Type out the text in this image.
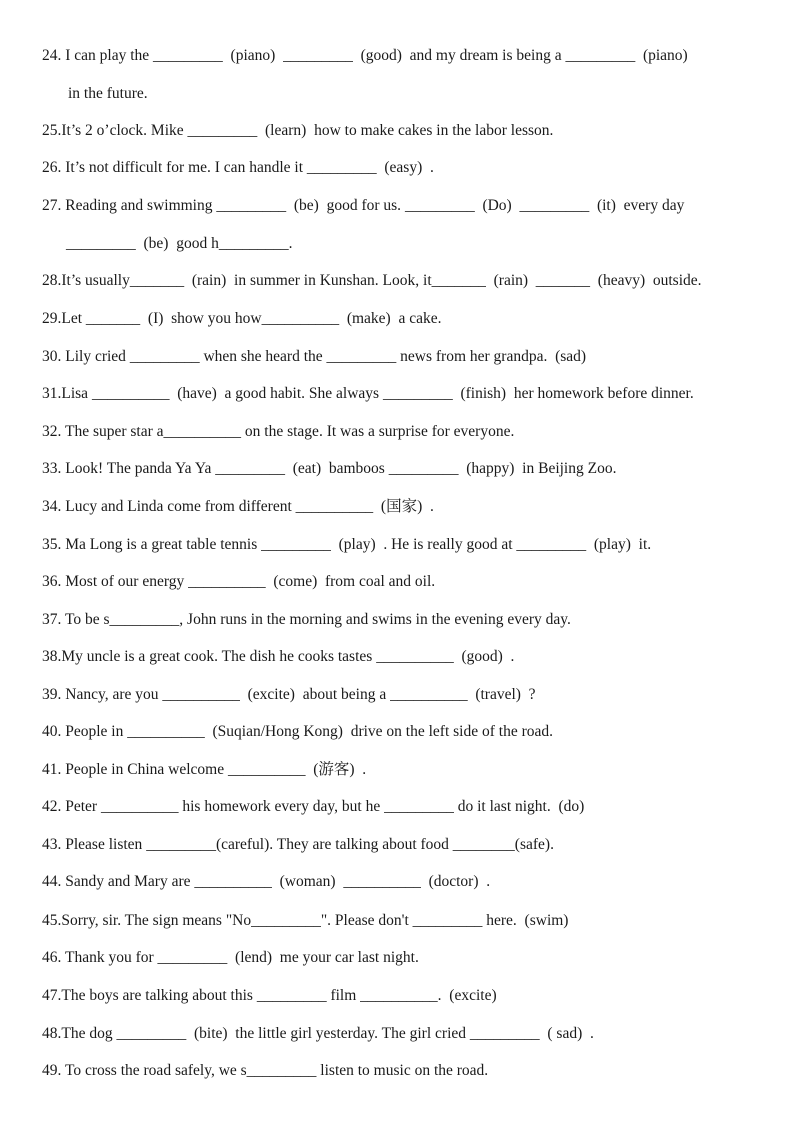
24. I can play the _________  (piano)  _________  (good)  and my dream is being a _________  (piano)
in the future.
25.It’s 2 o’clock. Mike _________  (learn)  how to make cakes in the labor lesson.
26. It’s not difficult for me. I can handle it _________  (easy)  .
27. Reading and swimming _________  (be)  good for us. _________  (Do)  _________  (it)  every day
_________  (be)  good h_________.
28.It’s usually_______  (rain)  in summer in Kunshan. Look, it_______  (rain)  _______  (heavy)  outside.
29.Let _______  (I)  show you how__________  (make)  a cake.
30. Lily cried _________ when she heard the _________ news from her grandpa.  (sad)
31.Lisa __________  (have)  a good habit. She always _________  (finish)  her homework before dinner.
32. The super star a__________ on the stage. It was a surprise for everyone.
33. Look! The panda Ya Ya _________  (eat)  bamboos _________  (happy)  in Beijing Zoo.
34. Lucy and Linda come from different __________  (国家)  .
35. Ma Long is a great table tennis _________  (play)  . He is really good at _________  (play)  it.
36. Most of our energy __________  (come)  from coal and oil.
37. To be s_________, John runs in the morning and swims in the evening every day.
38.My uncle is a great cook. The dish he cooks tastes __________  (good)  .
39. Nancy, are you __________  (excite)  about being a __________  (travel)  ?
40. People in __________  (Suqian/Hong Kong)  drive on the left side of the road.
41. People in China welcome __________  (游客)  .
42. Peter __________ his homework every day, but he _________ do it last night.  (do)
43. Please listen _________(careful). They are talking about food ________(safe).
44. Sandy and Mary are __________  (woman)  __________  (doctor)  .
45.Sorry, sir. The sign means "No_________". Please don't _________ here.  (swim)
46. Thank you for _________  (lend)  me your car last night.
47.The boys are talking about this _________ film __________.  (excite)
48.The dog _________  (bite)  the little girl yesterday. The girl cried _________  ( sad)  .
49. To cross the road safely, we s_________ listen to music on the road.
